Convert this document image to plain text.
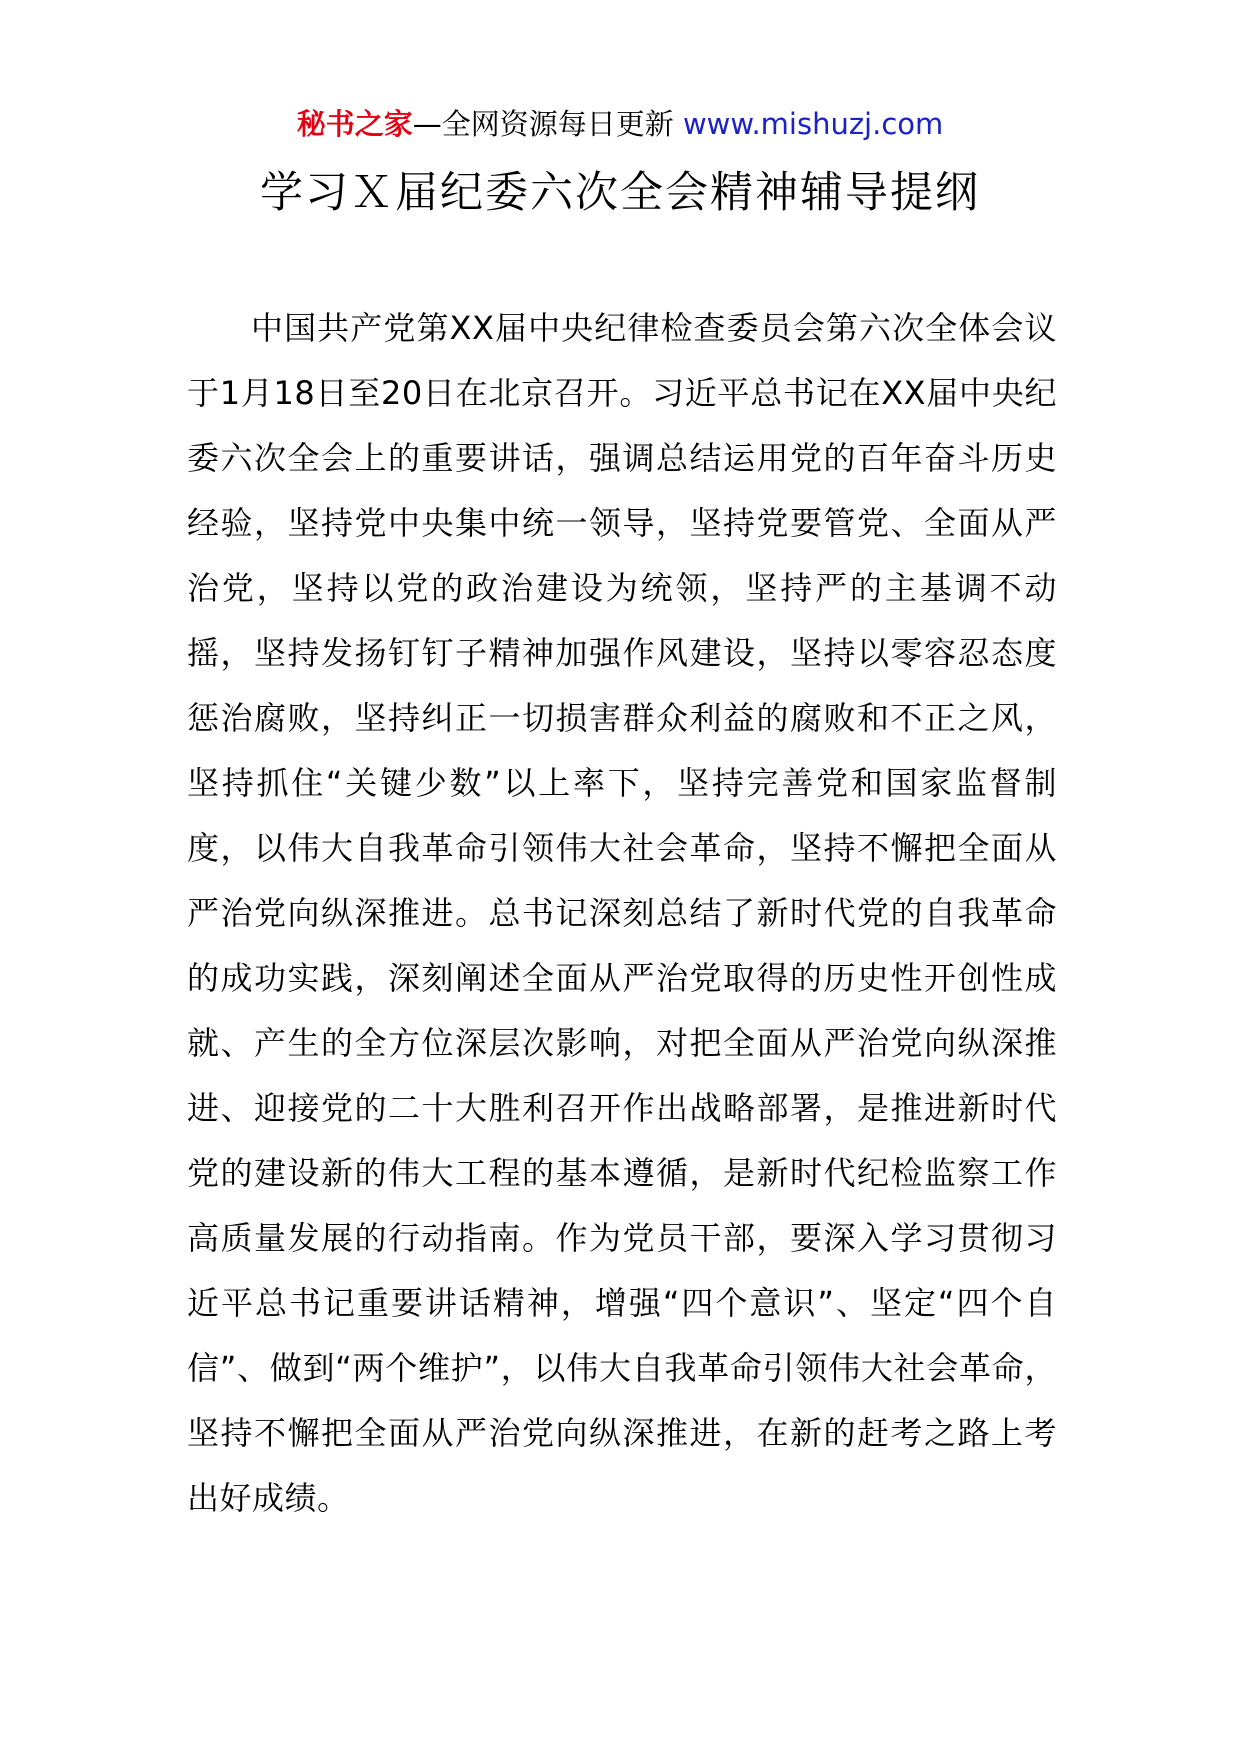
秘书之家—全网资源每日更新 www.mishuzj.com
学习Ｘ届纪委六次全会精神辅导提纲

中国共产党第XX届中央纪律检查委员会第六次全体会议于1月18日至20日在北京召开。习近平总书记在XX届中央纪委六次全会上的重要讲话，强调总结运用党的百年奋斗历史经验，坚持党中央集中统一领导，坚持党要管党、全面从严治党，坚持以党的政治建设为统领，坚持严的主基调不动摇，坚持发扬钉钉子精神加强作风建设，坚持以零容忍态度惩治腐败，坚持纠正一切损害群众利益的腐败和不正之风，坚持抓住“关键少数”以上率下，坚持完善党和国家监督制度，以伟大自我革命引领伟大社会革命，坚持不懈把全面从严治党向纵深推进。总书记深刻总结了新时代党的自我革命的成功实践，深刻阐述全面从严治党取得的历史性开创性成就、产生的全方位深层次影响，对把全面从严治党向纵深推进、迎接党的二十大胜利召开作出战略部署，是推进新时代党的建设新的伟大工程的基本遵循，是新时代纪检监察工作高质量发展的行动指南。作为党员干部，要深入学习贯彻习近平总书记重要讲话精神，增强“四个意识”、坚定“四个自信”、做到“两个维护”，以伟大自我革命引领伟大社会革命，坚持不懈把全面从严治党向纵深推进，在新的赶考之路上考出好成绩。
